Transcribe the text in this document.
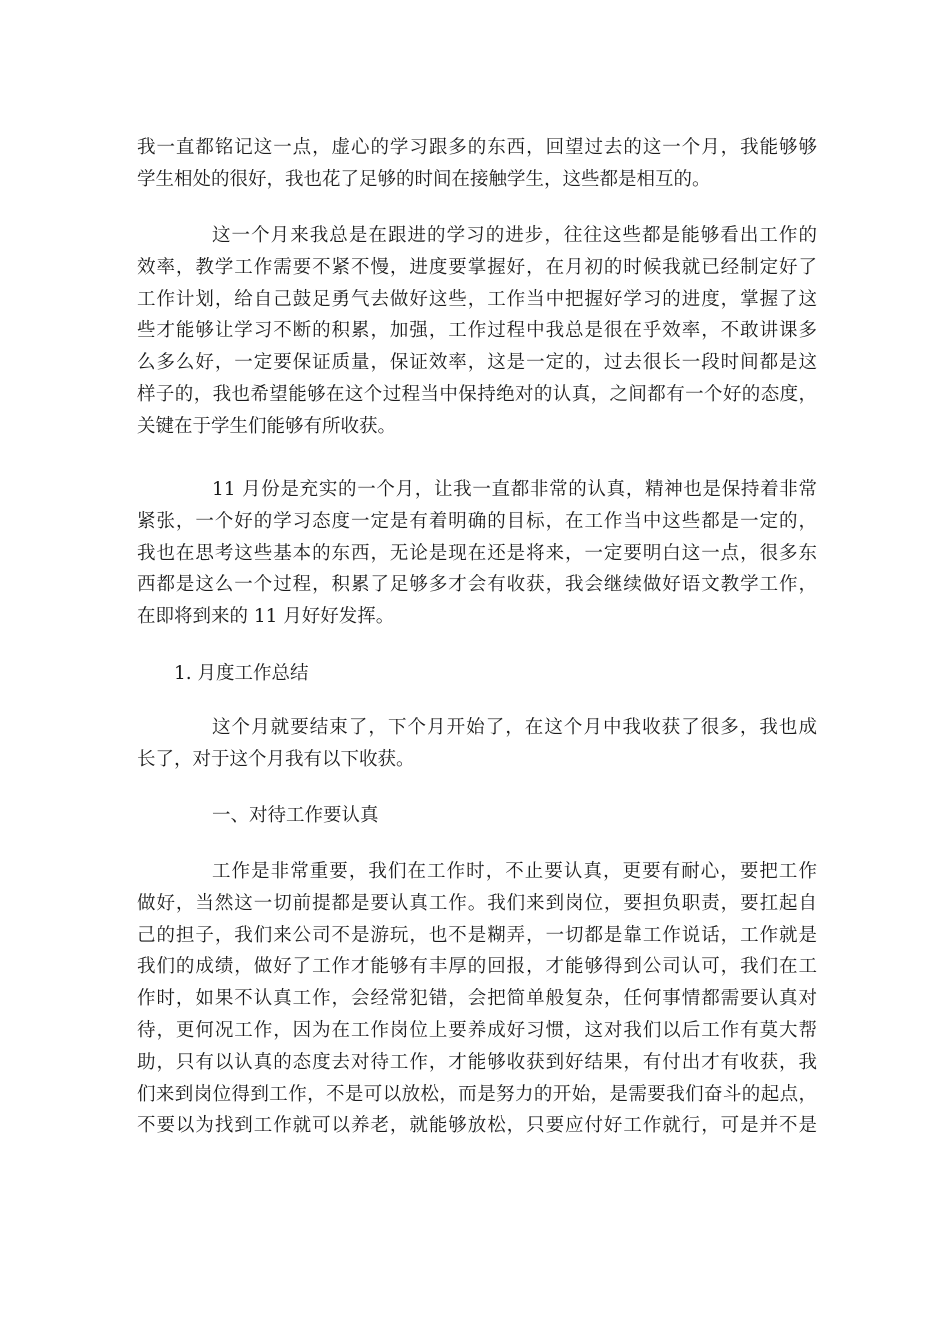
我一直都铭记这一点，虚心的学习跟多的东西，回望过去的这一个月，我能够够
学生相处的很好，我也花了足够的时间在接触学生，这些都是相互的。

这一个月来我总是在跟进的学习的进步，往往这些都是能够看出工作的
效率，教学工作需要不紧不慢，进度要掌握好，在月初的时候我就已经制定好了
工作计划，给自己鼓足勇气去做好这些，工作当中把握好学习的进度，掌握了这
些才能够让学习不断的积累，加强，工作过程中我总是很在乎效率，不敢讲课多
么多么好，一定要保证质量，保证效率，这是一定的，过去很长一段时间都是这
样子的，我也希望能够在这个过程当中保持绝对的认真，之间都有一个好的态度，
关键在于学生们能够有所收获。

11 月份是充实的一个月，让我一直都非常的认真，精神也是保持着非常
紧张，一个好的学习态度一定是有着明确的目标，在工作当中这些都是一定的，
我也在思考这些基本的东西，无论是现在还是将来，一定要明白这一点，很多东
西都是这么一个过程，积累了足够多才会有收获，我会继续做好语文教学工作，
在即将到来的 11 月好好发挥。

1. 月度工作总结

这个月就要结束了，下个月开始了，在这个月中我收获了很多，我也成
长了，对于这个月我有以下收获。

一、对待工作要认真

工作是非常重要，我们在工作时，不止要认真，更要有耐心，要把工作
做好，当然这一切前提都是要认真工作。我们来到岗位，要担负职责，要扛起自
己的担子，我们来公司不是游玩，也不是糊弄，一切都是靠工作说话，工作就是
我们的成绩，做好了工作才能够有丰厚的回报，才能够得到公司认可，我们在工
作时，如果不认真工作，会经常犯错，会把简单般复杂，任何事情都需要认真对
待，更何况工作，因为在工作岗位上要养成好习惯，这对我们以后工作有莫大帮
助，只有以认真的态度去对待工作，才能够收获到好结果，有付出才有收获，我
们来到岗位得到工作，不是可以放松，而是努力的开始，是需要我们奋斗的起点，
不要以为找到工作就可以养老，就能够放松，只要应付好工作就行，可是并不是
